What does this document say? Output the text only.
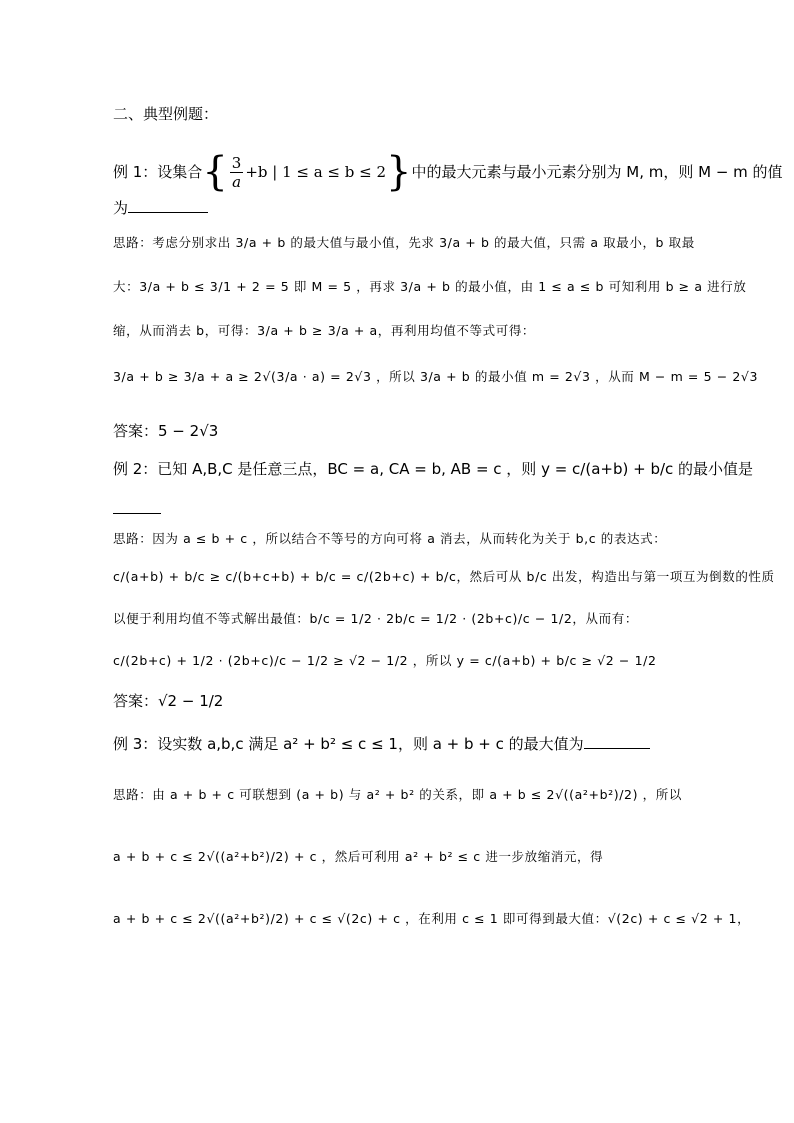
二、典型例题：
例 1：设集合 { $\frac{3}{a} +b$ | 1 ≤ a ≤ b ≤ 2 } 中的最大元素与最小元素分别为 M, m，则 M − m 的值
为
思路：考虑分别求出 3/a + b 的最大值与最小值，先求 3/a + b 的最大值，只需 a 取最小，b 取最
大：3/a + b ≤ 3/1 + 2 = 5 即 M = 5 ，再求 3/a + b 的最小值，由 1 ≤ a ≤ b 可知利用 b ≥ a 进行放
缩，从而消去 b，可得：3/a + b ≥ 3/a + a，再利用均值不等式可得：
3/a + b ≥ 3/a + a ≥ 2√(3/a · a) = 2√3 ，所以 3/a + b 的最小值 m = 2√3 ，从而 M − m = 5 − 2√3
答案：5 − 2√3
例 2：已知 A,B,C 是任意三点，BC = a, CA = b, AB = c ，则 y = c/(a+b) + b/c 的最小值是
思路：因为 a ≤ b + c ，所以结合不等号的方向可将 a 消去，从而转化为关于 b,c 的表达式：
c/(a+b) + b/c ≥ c/(b+c+b) + b/c = c/(2b+c) + b/c，然后可从 b/c 出发，构造出与第一项互为倒数的性质
以便于利用均值不等式解出最值：b/c = 1/2 · 2b/c = 1/2 · (2b+c)/c − 1/2，从而有：
c/(2b+c) + 1/2 · (2b+c)/c − 1/2 ≥ √2 − 1/2 ，所以 y = c/(a+b) + b/c ≥ √2 − 1/2
答案：√2 − 1/2
例 3：设实数 a,b,c 满足 a² + b² ≤ c ≤ 1，则 a + b + c 的最大值为
思路：由 a + b + c 可联想到 (a + b) 与 a² + b² 的关系，即 a + b ≤ 2√((a²+b²)/2) ，所以
a + b + c ≤ 2√((a²+b²)/2) + c ，然后可利用 a² + b² ≤ c 进一步放缩消元，得
a + b + c ≤ 2√((a²+b²)/2) + c ≤ √(2c) + c ，在利用 c ≤ 1 即可得到最大值：√(2c) + c ≤ √2 + 1，
